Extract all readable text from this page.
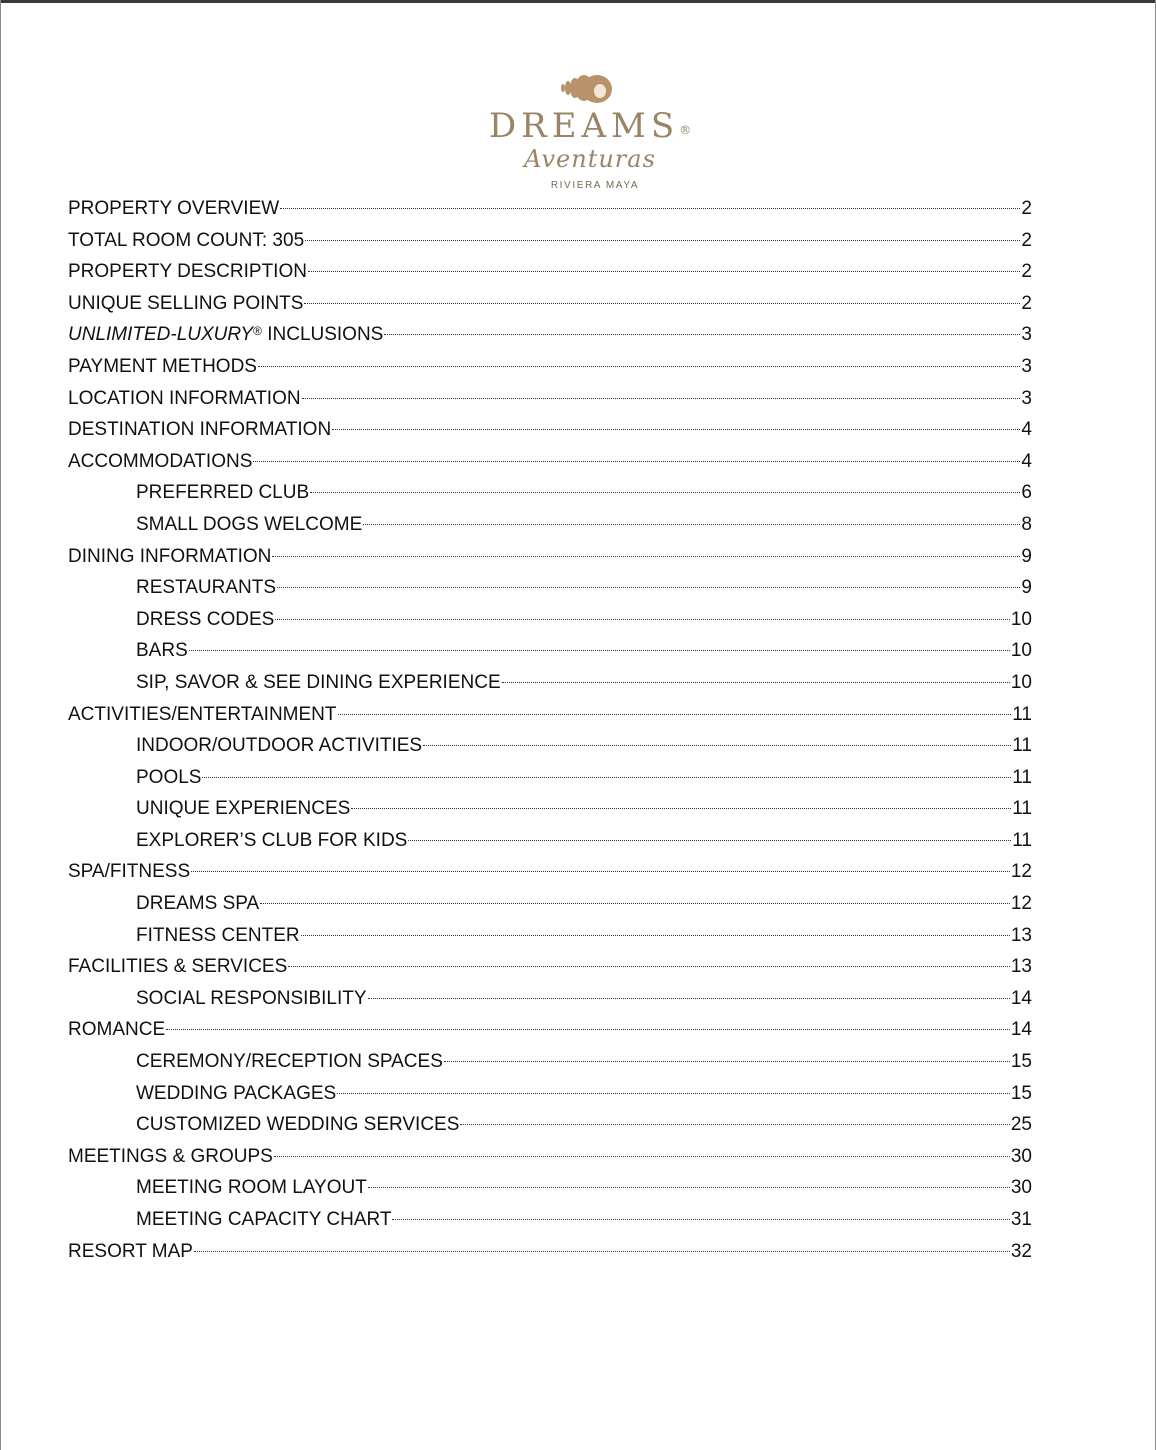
DREAMS®
Aventuras
RIVIERA MAYA
PROPERTY OVERVIEW	2
TOTAL ROOM COUNT: 305	2
PROPERTY DESCRIPTION	2
UNIQUE SELLING POINTS	2
UNLIMITED-LUXURY® INCLUSIONS	3
PAYMENT METHODS	3
LOCATION INFORMATION	3
DESTINATION INFORMATION	4
ACCOMMODATIONS	4
PREFERRED CLUB	6
SMALL DOGS WELCOME	8
DINING INFORMATION	9
RESTAURANTS	9
DRESS CODES	10
BARS	10
SIP, SAVOR & SEE DINING EXPERIENCE	10
ACTIVITIES/ENTERTAINMENT	11
INDOOR/OUTDOOR ACTIVITIES	11
POOLS	11
UNIQUE EXPERIENCES	11
EXPLORER’S CLUB FOR KIDS	11
SPA/FITNESS	12
DREAMS SPA	12
FITNESS CENTER	13
FACILITIES & SERVICES	13
SOCIAL RESPONSIBILITY	14
ROMANCE	14
CEREMONY/RECEPTION SPACES	15
WEDDING PACKAGES	15
CUSTOMIZED WEDDING SERVICES	25
MEETINGS & GROUPS	30
MEETING ROOM LAYOUT	30
MEETING CAPACITY CHART	31
RESORT MAP	32
